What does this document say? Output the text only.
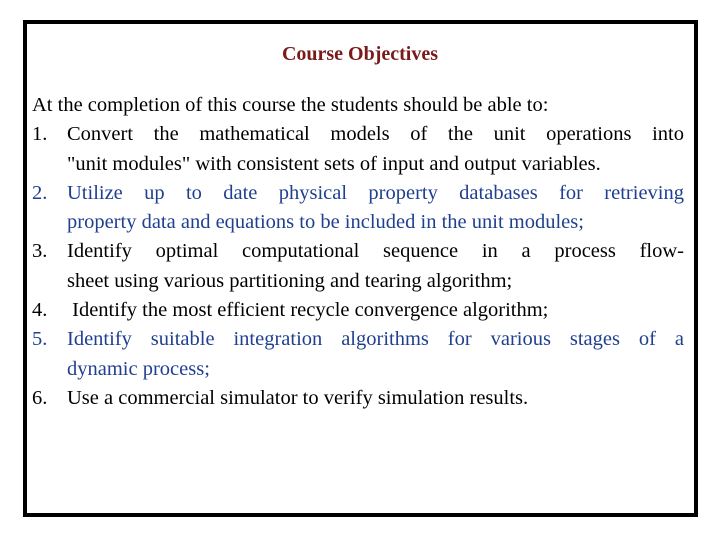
Course Objectives
At the completion of this course the students should be able to:
1. Convert the mathematical models of the unit operations into
"unit modules" with consistent sets of input and output variables.
2. Utilize up to date physical property databases for retrieving
property data and equations to be included in the unit modules;
3. Identify optimal computational sequence in a process flow-
sheet using various partitioning and tearing algorithm;
4. Identify the most efficient recycle convergence algorithm;
5. Identify suitable integration algorithms for various stages of a
dynamic process;
6. Use a commercial simulator to verify simulation results.
